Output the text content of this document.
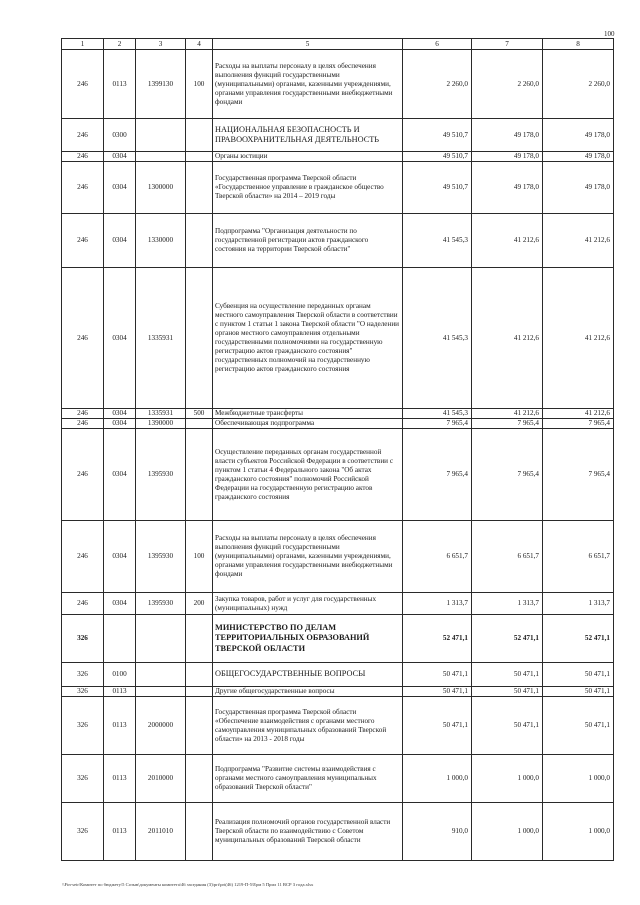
100
1	2	3	4	5	6	7	8
246	0113	1399130	100	Расходы на выплаты персоналу в целях обеспечения выполнения функций государственными (муниципальными) органами, казенными учреждениями, органами управления государственными внебюджетными фондами	2 260,0	2 260,0	2 260,0
246	0300			НАЦИОНАЛЬНАЯ БЕЗОПАСНОСТЬ И ПРАВООХРАНИТЕЛЬНАЯ ДЕЯТЕЛЬНОСТЬ	49 510,7	49 178,0	49 178,0
246	0304			Органы юстиции	49 510,7	49 178,0	49 178,0
246	0304	1300000		Государственная программа Тверской области «Государственное управление в гражданское общество Тверской области» на 2014 – 2019 годы	49 510,7	49 178,0	49 178,0
246	0304	1330000		Подпрограмма "Организация деятельности по государственной регистрации актов гражданского состояния на территории Тверской области"	41 545,3	41 212,6	41 212,6
246	0304	1335931		Субвенция на осуществление переданных органам местного самоуправления Тверской области в соответствии с пунктом 1 статьи 1 закона Тверской области "О наделении органов местного самоуправления отдельными государственными полномочиями на государственную регистрацию актов гражданского состояния" государственных полномочий на государственную регистрацию актов гражданского состояния	41 545,3	41 212,6	41 212,6
246	0304	1335931	500	Межбюджетные трансферты	41 545,3	41 212,6	41 212,6
246	0304	1390000		Обеспечивающая подпрограмма	7 965,4	7 965,4	7 965,4
246	0304	1395930		Осуществление переданных органам государственной власти субъектов Российской Федерации в соответствии с пунктом 1 статьи 4 Федерального закона "Об актах гражданского состояния" полномочий Российской Федерации на государственную регистрацию актов гражданского состояния	7 965,4	7 965,4	7 965,4
246	0304	1395930	100	Расходы на выплаты персоналу в целях обеспечения выполнения функций государственными (муниципальными) органами, казенными учреждениями, органами управления государственными внебюджетными фондами	6 651,7	6 651,7	6 651,7
246	0304	1395930	200	Закупка товаров, работ и услуг для государственных (муниципальных) нужд	1 313,7	1 313,7	1 313,7
326				МИНИСТЕРСТВО ПО ДЕЛАМ ТЕРРИТОРИАЛЬНЫХ ОБРАЗОВАНИЙ ТВЕРСКОЙ ОБЛАСТИ	52 471,1	52 471,1	52 471,1
326	0100			ОБЩЕГОСУДАРСТВЕННЫЕ ВОПРОСЫ	50 471,1	50 471,1	50 471,1
326	0113			Другие общегосударственные вопросы	50 471,1	50 471,1	50 471,1
326	0113	2000000		Государственная программа Тверской области «Обеспечение взаимодействия с органами местного самоуправления муниципальных образований Тверской области» на 2013 - 2018 годы	50 471,1	50 471,1	50 471,1
326	0113	2010000		Подпрограмма "Развитие системы взаимодействия с органами местного самоуправления муниципальных образований Тверской области"	1 000,0	1 000,0	1 000,0
326	0113	2011010		Реализация полномочий органов государственной власти Тверской области по взаимодействию с Советом муниципальных образований Тверской области	910,0	1 000,0	1 000,0
\\Fin-setr\Комитет по бюджету\5 Созыв\документы комитета\46 заседания (3)\prt\prt(46) 1219-П-5\Ерм 5 Прил 11 ВСР 3 года.xlsx
